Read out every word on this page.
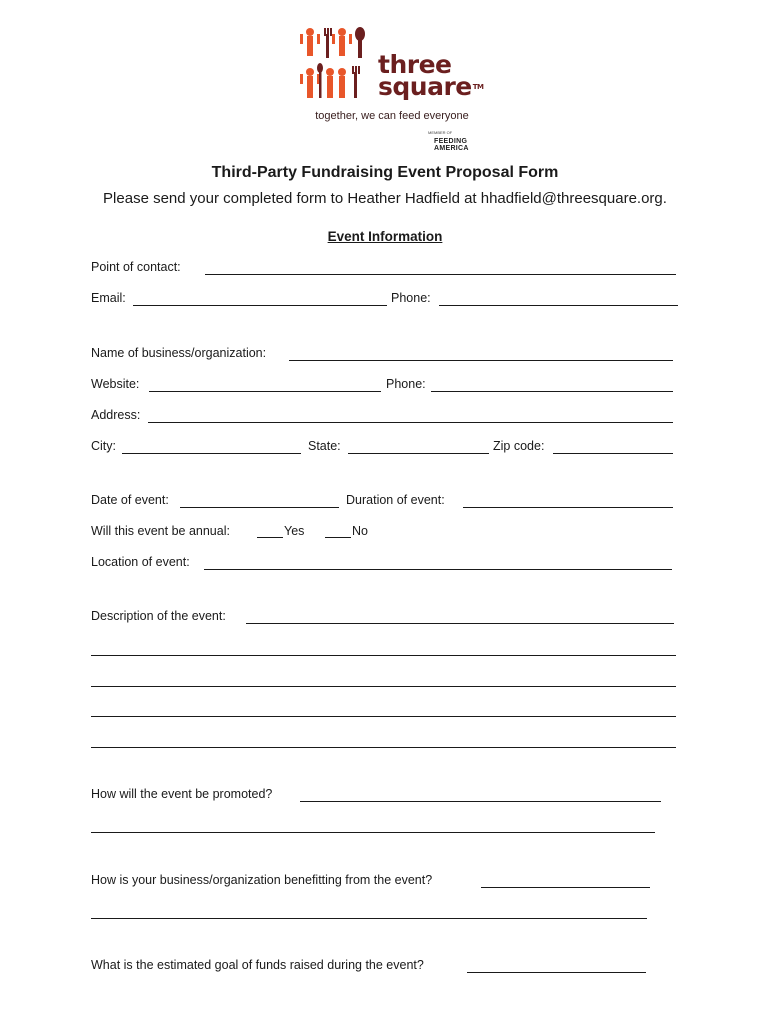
three
square™
together, we can feed everyone
MEMBER OF
FEEDING
AMERICA
Third-Party Fundraising Event Proposal Form
Please send your completed form to Heather Hadfield at hhadfield@threesquare.org.
Event Information
Point of contact:
Email:	Phone:
Name of business/organization:
Website:	Phone:
Address:
City:	State:	Zip code:
Date of event:	Duration of event:
Will this event be annual:	Yes	No
Location of event:
Description of the event:
How will the event be promoted?
How is your business/organization benefitting from the event?
What is the estimated goal of funds raised during the event?
